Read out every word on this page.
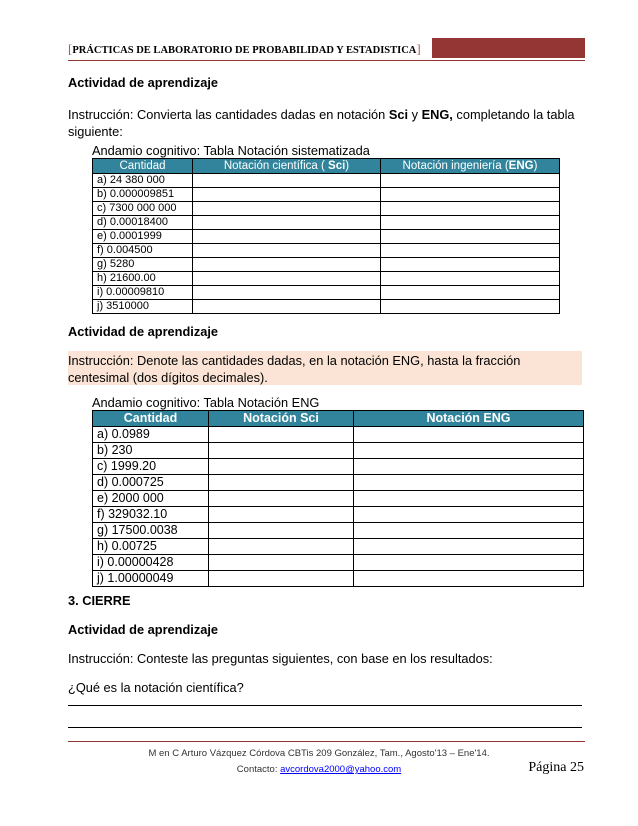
[PRÁCTICAS DE LABORATORIO DE PROBABILIDAD Y ESTADISTICA]
Actividad de aprendizaje
Instrucción: Convierta las cantidades dadas en notación Sci y ENG, completando la tabla
siguiente:
Andamio cognitivo: Tabla Notación sistematizada
Cantidad	Notación científica ( Sci)	Notación ingeniería (ENG)
a) 24 380 000		
b) 0.000009851		
c) 7300 000 000		
d) 0.00018400		
e) 0.0001999		
f) 0.004500		
g) 5280		
h) 21600.00		
i) 0.00009810		
j) 3510000		
Actividad de aprendizaje
Instrucción: Denote las cantidades dadas, en la notación ENG, hasta la fracción
centesimal (dos dígitos decimales).
Andamio cognitivo: Tabla Notación ENG
Cantidad	Notación Sci	Notación ENG
a) 0.0989		
b) 230		
c) 1999.20		
d) 0.000725		
e) 2000 000		
f) 329032.10		
g) 17500.0038		
h) 0.00725		
i) 0.00000428		
j) 1.00000049		
3. CIERRE
Actividad de aprendizaje
Instrucción: Conteste las preguntas siguientes, con base en los resultados:
¿Qué es la notación científica?
M en C Arturo Vázquez Córdova CBTis 209 González, Tam., Agosto'13 – Ene'14.
Contacto: avcordova2000@yahoo.com	Página 25
